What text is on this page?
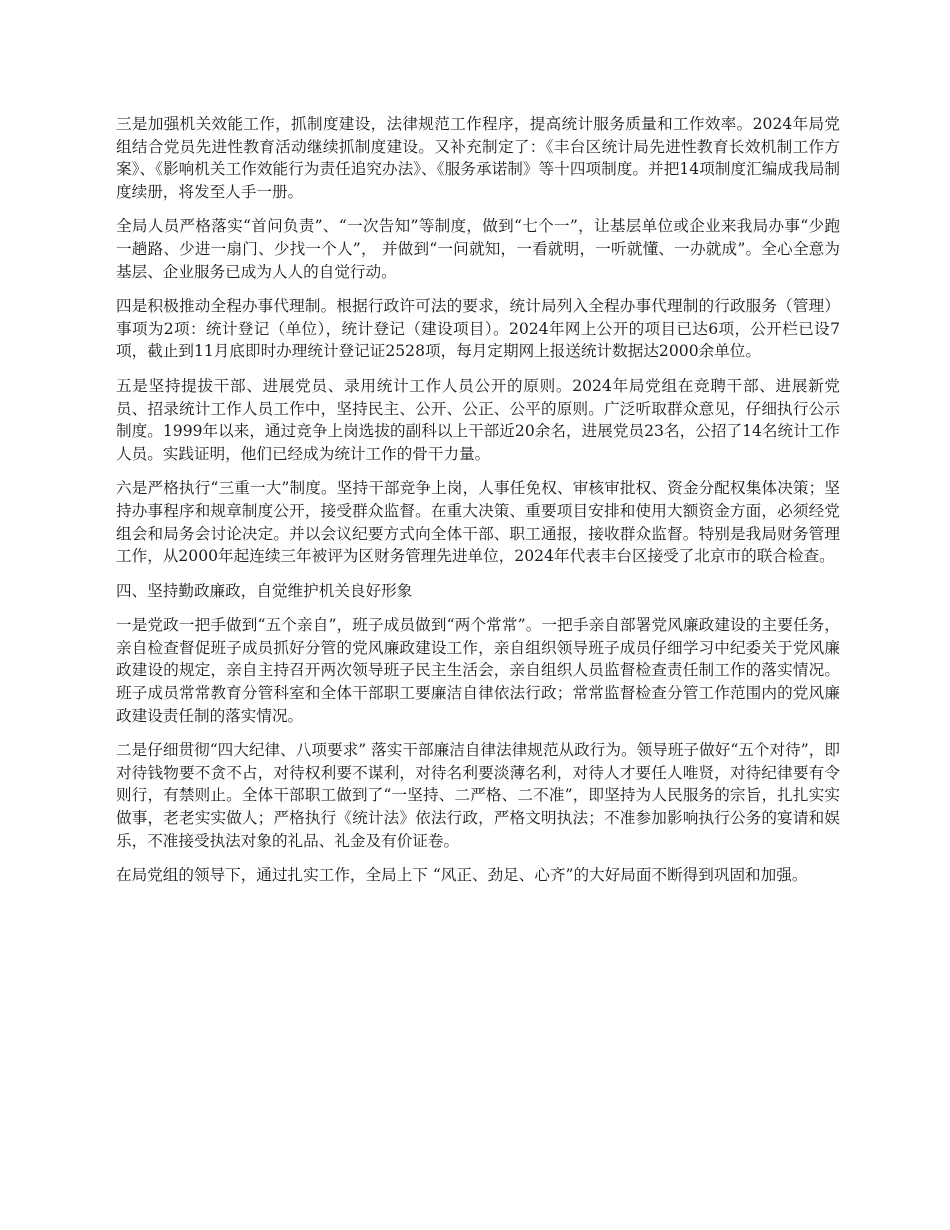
三是加强机关效能工作，抓制度建设，法律规范工作程序，提高统计服务质量和工作效率。2024年局党组结合党员先进性教育活动继续抓制度建设。又补充制定了：《丰台区统计局先进性教育长效机制工作方案》、《影响机关工作效能行为责任追究办法》、《服务承诺制》等十四项制度。并把14项制度汇编成我局制度续册，将发至人手一册。

全局人员严格落实“首问负责”、“一次告知”等制度，做到“七个一”，让基层单位或企业来我局办事“少跑一趟路、少进一扇门、少找一个人”， 并做到“一问就知，一看就明，一听就懂、一办就成”。全心全意为基层、企业服务已成为人人的自觉行动。

四是积极推动全程办事代理制。根据行政许可法的要求，统计局列入全程办事代理制的行政服务（管理）事项为2项：统计登记（单位），统计登记（建设项目）。2024年网上公开的项目已达6项，公开栏已设7项，截止到11月底即时办理统计登记证2528项，每月定期网上报送统计数据达2000余单位。

五是坚持提拔干部、进展党员、录用统计工作人员公开的原则。2024年局党组在竞聘干部、进展新党员、招录统计工作人员工作中，坚持民主、公开、公正、公平的原则。广泛听取群众意见，仔细执行公示制度。1999年以来，通过竞争上岗选拔的副科以上干部近20余名，进展党员23名，公招了14名统计工作人员。实践证明，他们已经成为统计工作的骨干力量。

六是严格执行“三重一大”制度。坚持干部竞争上岗，人事任免权、审核审批权、资金分配权集体决策；坚持办事程序和规章制度公开，接受群众监督。在重大决策、重要项目安排和使用大额资金方面，必须经党组会和局务会讨论决定。并以会议纪要方式向全体干部、职工通报，接收群众监督。特别是我局财务管理工作，从2000年起连续三年被评为区财务管理先进单位，2024年代表丰台区接受了北京市的联合检查。

四、坚持勤政廉政，自觉维护机关良好形象

一是党政一把手做到“五个亲自”，班子成员做到“两个常常”。一把手亲自部署党风廉政建设的主要任务，亲自检查督促班子成员抓好分管的党风廉政建设工作，亲自组织领导班子成员仔细学习中纪委关于党风廉政建设的规定，亲自主持召开两次领导班子民主生活会，亲自组织人员监督检查责任制工作的落实情况。班子成员常常教育分管科室和全体干部职工要廉洁自律依法行政；常常监督检查分管工作范围内的党风廉政建设责任制的落实情况。

二是仔细贯彻“四大纪律、八项要求” 落实干部廉洁自律法律规范从政行为。领导班子做好“五个对待”，即对待钱物要不贪不占，对待权利要不谋利，对待名利要淡薄名利，对待人才要任人唯贤，对待纪律要有令则行，有禁则止。全体干部职工做到了“一坚持、二严格、二不准”，即坚持为人民服务的宗旨，扎扎实实做事，老老实实做人；严格执行《统计法》依法行政，严格文明执法；不准参加影响执行公务的宴请和娱乐，不准接受执法对象的礼品、礼金及有价证卷。

在局党组的领导下，通过扎实工作，全局上下 “风正、劲足、心齐”的大好局面不断得到巩固和加强。
